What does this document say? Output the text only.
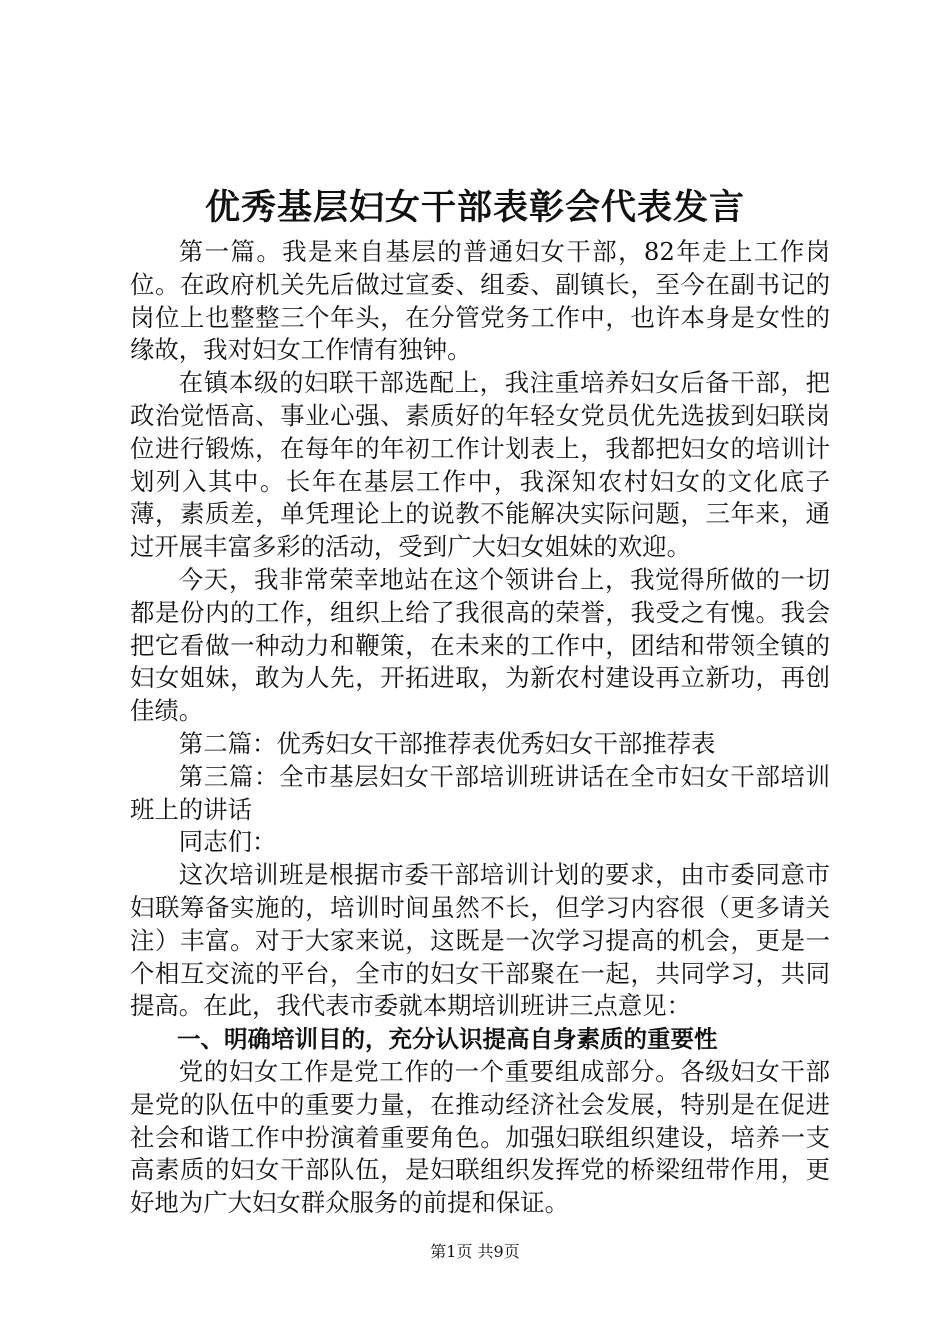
优秀基层妇女干部表彰会代表发言

第一篇。我是来自基层的普通妇女干部，82年走上工作岗位。在政府机关先后做过宣委、组委、副镇长，至今在副书记的岗位上也整整三个年头，在分管党务工作中，也许本身是女性的缘故，我对妇女工作情有独钟。

在镇本级的妇联干部选配上，我注重培养妇女后备干部，把政治觉悟高、事业心强、素质好的年轻女党员优先选拔到妇联岗位进行锻炼，在每年的年初工作计划表上，我都把妇女的培训计划列入其中。长年在基层工作中，我深知农村妇女的文化底子薄，素质差，单凭理论上的说教不能解决实际问题，三年来，通过开展丰富多彩的活动，受到广大妇女姐妹的欢迎。

今天，我非常荣幸地站在这个领讲台上，我觉得所做的一切都是份内的工作，组织上给了我很高的荣誉，我受之有愧。我会把它看做一种动力和鞭策，在未来的工作中，团结和带领全镇的妇女姐妹，敢为人先，开拓进取，为新农村建设再立新功，再创佳绩。

第二篇：优秀妇女干部推荐表优秀妇女干部推荐表

第三篇：全市基层妇女干部培训班讲话在全市妇女干部培训班上的讲话

同志们：

这次培训班是根据市委干部培训计划的要求，由市委同意市妇联筹备实施的，培训时间虽然不长，但学习内容很（更多请关注）丰富。对于大家来说，这既是一次学习提高的机会，更是一个相互交流的平台，全市的妇女干部聚在一起，共同学习，共同提高。在此，我代表市委就本期培训班讲三点意见：

一、明确培训目的，充分认识提高自身素质的重要性

党的妇女工作是党工作的一个重要组成部分。各级妇女干部是党的队伍中的重要力量，在推动经济社会发展，特别是在促进社会和谐工作中扮演着重要角色。加强妇联组织建设，培养一支高素质的妇女干部队伍，是妇联组织发挥党的桥梁纽带作用，更好地为广大妇女群众服务的前提和保证。

第1页 共9页
